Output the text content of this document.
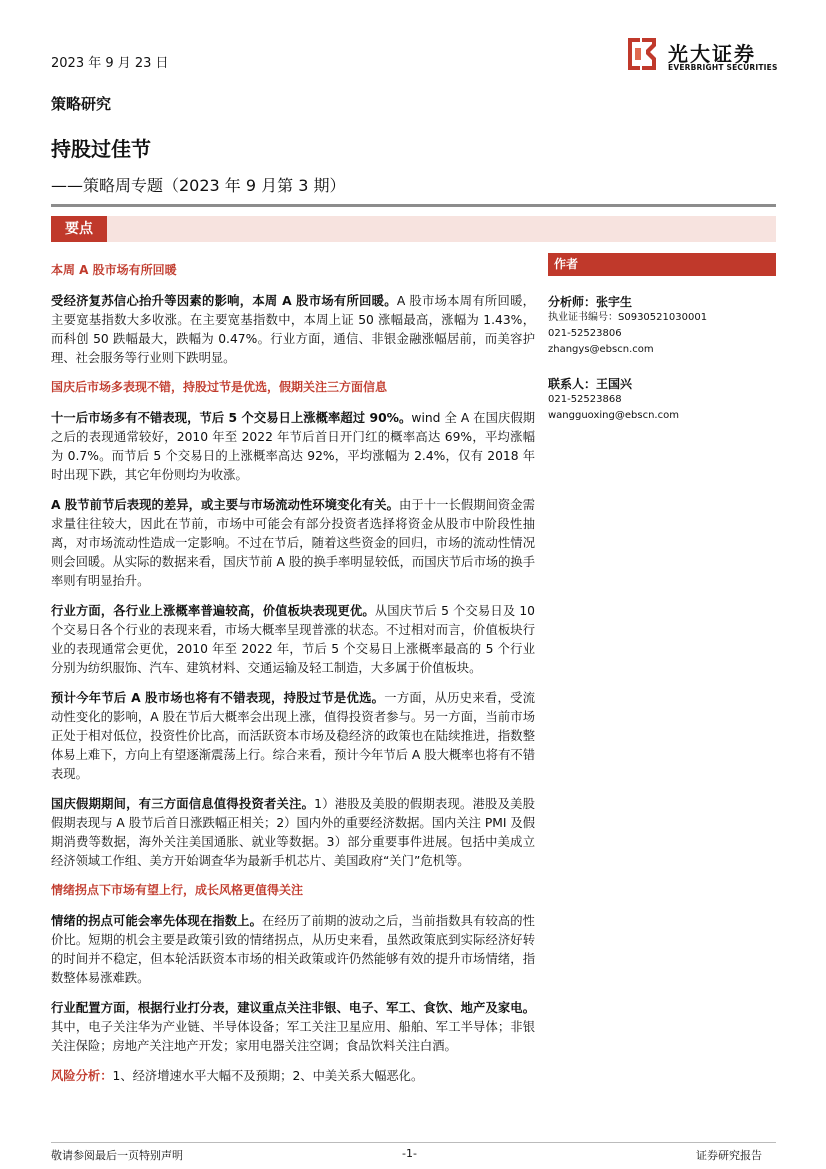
2023 年 9 月 23 日	光大证券
EVERBRIGHT SECURITIES
策略研究
持股过佳节
——策略周专题（2023 年 9 月第 3 期）
要点
本周 A 股市场有所回暖

受经济复苏信心抬升等因素的影响，本周 A 股市场有所回暖。A 股市场本周有所回暖，主要宽基指数大多收涨。在主要宽基指数中，本周上证 50 涨幅最高，涨幅为 1.43%，而科创 50 跌幅最大，跌幅为 0.47%。行业方面，通信、非银金融涨幅居前，而美容护理、社会服务等行业则下跌明显。

国庆后市场多表现不错，持股过节是优选，假期关注三方面信息

十一后市场多有不错表现，节后 5 个交易日上涨概率超过 90%。wind 全 A 在国庆假期之后的表现通常较好，2010 年至 2022 年节后首日开门红的概率高达 69%，平均涨幅为 0.7%。而节后 5 个交易日的上涨概率高达 92%，平均涨幅为 2.4%，仅有 2018 年时出现下跌，其它年份则均为收涨。

A 股节前节后表现的差异，或主要与市场流动性环境变化有关。由于十一长假期间资金需求量往往较大，因此在节前，市场中可能会有部分投资者选择将资金从股市中阶段性抽离，对市场流动性造成一定影响。不过在节后，随着这些资金的回归，市场的流动性情况则会回暖。从实际的数据来看，国庆节前 A 股的换手率明显较低，而国庆节后市场的换手率则有明显抬升。

行业方面，各行业上涨概率普遍较高，价值板块表现更优。从国庆节后 5 个交易日及 10 个交易日各个行业的表现来看，市场大概率呈现普涨的状态。不过相对而言，价值板块行业的表现通常会更优，2010 年至 2022 年，节后 5 个交易日上涨概率最高的 5 个行业分别为纺织服饰、汽车、建筑材料、交通运输及轻工制造，大多属于价值板块。

预计今年节后 A 股市场也将有不错表现，持股过节是优选。一方面，从历史来看，受流动性变化的影响，A 股在节后大概率会出现上涨，值得投资者参与。另一方面，当前市场正处于相对低位，投资性价比高，而活跃资本市场及稳经济的政策也在陆续推进，指数整体易上难下，方向上有望逐渐震荡上行。综合来看，预计今年节后 A 股大概率也将有不错表现。

国庆假期期间，有三方面信息值得投资者关注。1）港股及美股的假期表现。港股及美股假期表现与 A 股节后首日涨跌幅正相关；2）国内外的重要经济数据。国内关注 PMI 及假期消费等数据，海外关注美国通胀、就业等数据。3）部分重要事件进展。包括中美成立经济领域工作组、美方开始调查华为最新手机芯片、美国政府“关门”危机等。

情绪拐点下市场有望上行，成长风格更值得关注

情绪的拐点可能会率先体现在指数上。在经历了前期的波动之后，当前指数具有较高的性价比。短期的机会主要是政策引致的情绪拐点，从历史来看，虽然政策底到实际经济好转的时间并不稳定，但本轮活跃资本市场的相关政策或许仍然能够有效的提升市场情绪，指数整体易涨难跌。

行业配置方面，根据行业打分表，建议重点关注非银、电子、军工、食饮、地产及家电。其中，电子关注华为产业链、半导体设备；军工关注卫星应用、船舶、军工半导体；非银关注保险；房地产关注地产开发；家用电器关注空调；食品饮料关注白酒。

风险分析：1、经济增速水平大幅不及预期；2、中美关系大幅恶化。
作者
分析师：张宇生
执业证书编号：S0930521030001
021-52523806
zhangys@ebscn.com
联系人：王国兴
021-52523868
wangguoxing@ebscn.com
敬请参阅最后一页特别声明	-1-	证券研究报告
